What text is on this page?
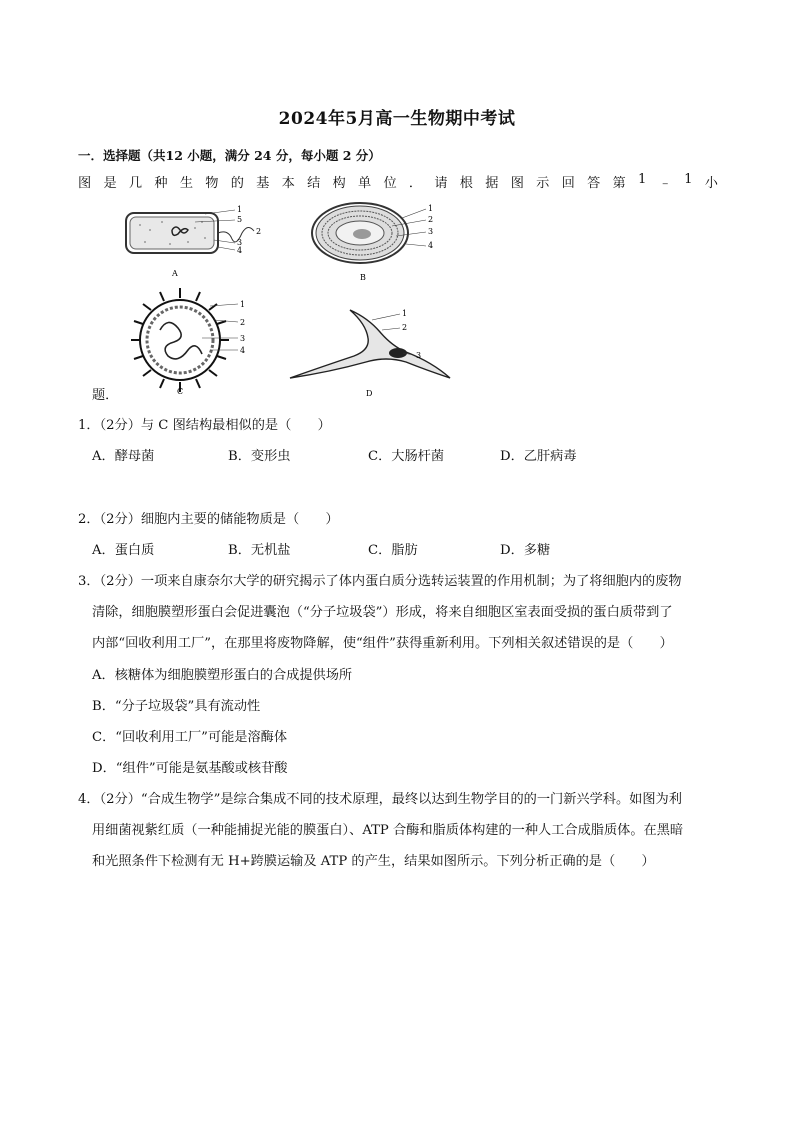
2024年5月高一生物期中考试
一．选择题（共12 小题，满分 24 分，每小题 2 分）
图 是 几 种 生 物 的 基 本 结 构 单 位 ． 请 根 据 图 示 回 答 第 1 ﹣ 1 小
1
5
2
3
4
A
1
2
3
4
B
1
2
3
4
C
1
2
3
D
题．
1．（2分）与 C 图结构最相似的是（　　）
A．酵母菌	B．变形虫	C．大肠杆菌	D．乙肝病毒
2．（2分）细胞内主要的储能物质是（　　）
A．蛋白质	B．无机盐	C．脂肪	D．多糖
3．（2分）一项来自康奈尔大学的研究揭示了体内蛋白质分选转运装置的作用机制；为了将细胞内的废物
清除，细胞膜塑形蛋白会促进囊泡（“分子垃圾袋”）形成，将来自细胞区室表面受损的蛋白质带到了
内部“回收利用工厂”，在那里将废物降解，使“组件”获得重新利用。下列相关叙述错误的是（　　）
A．核糖体为细胞膜塑形蛋白的合成提供场所
B．“分子垃圾袋”具有流动性
C．“回收利用工厂”可能是溶酶体
D．“组件”可能是氨基酸或核苷酸
4．（2分）“合成生物学”是综合集成不同的技术原理，最终以达到生物学目的的一门新兴学科。如图为利
用细菌视紫红质（一种能捕捉光能的膜蛋白）、ATP 合酶和脂质体构建的一种人工合成脂质体。在黑暗
和光照条件下检测有无 H+跨膜运输及 ATP 的产生，结果如图所示。下列分析正确的是（　　）
